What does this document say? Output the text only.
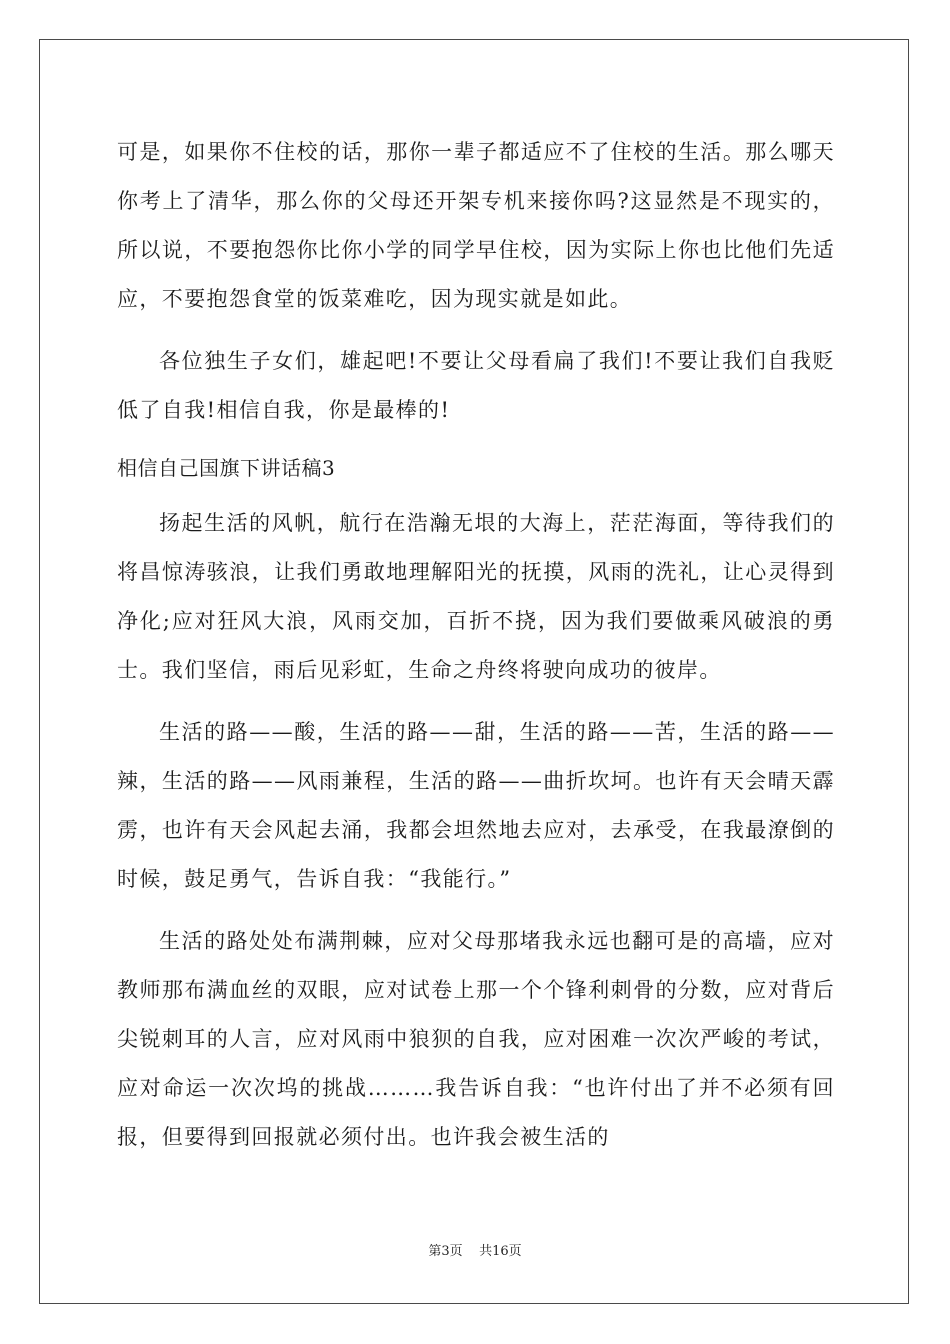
可是，如果你不住校的话，那你一辈子都适应不了住校的生活。那么哪天你考上了清华，那么你的父母还开架专机来接你吗?这显然是不现实的，所以说，不要抱怨你比你小学的同学早住校，因为实际上你也比他们先适应，不要抱怨食堂的饭菜难吃，因为现实就是如此。

各位独生子女们，雄起吧!不要让父母看扁了我们!不要让我们自我贬低了自我!相信自我，你是最棒的!

相信自己国旗下讲话稿3

扬起生活的风帆，航行在浩瀚无垠的大海上，茫茫海面，等待我们的将昌惊涛骇浪，让我们勇敢地理解阳光的抚摸，风雨的洗礼，让心灵得到净化;应对狂风大浪，风雨交加，百折不挠，因为我们要做乘风破浪的勇士。我们坚信，雨后见彩虹，生命之舟终将驶向成功的彼岸。

生活的路——酸，生活的路——甜，生活的路——苦，生活的路——辣，生活的路——风雨兼程，生活的路——曲折坎坷。也许有天会晴天霹雳，也许有天会风起去涌，我都会坦然地去应对，去承受，在我最潦倒的时候，鼓足勇气，告诉自我：“我能行。”

生活的路处处布满荆棘，应对父母那堵我永远也翻可是的高墙，应对教师那布满血丝的双眼，应对试卷上那一个个锋利刺骨的分数，应对背后尖锐刺耳的人言，应对风雨中狼狈的自我，应对困难一次次严峻的考试，应对命运一次次坞的挑战………我告诉自我：“也许付出了并不必须有回报，但要得到回报就必须付出。也许我会被生活的

第3页 共16页
